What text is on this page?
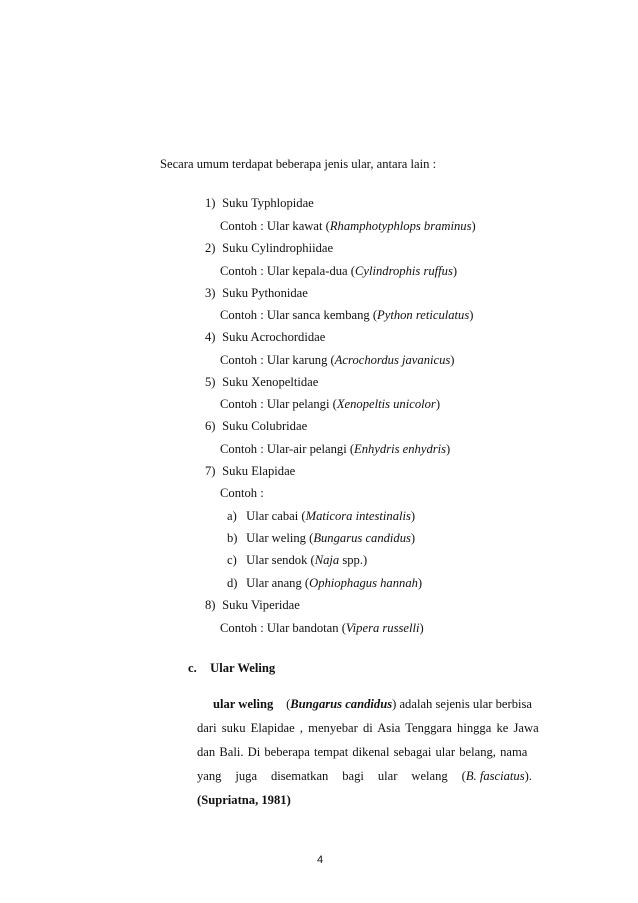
Secara umum terdapat beberapa jenis ular, antara lain :
1) Suku Typhlopidae
Contoh : Ular kawat (Rhamphotyphlops braminus)
2) Suku Cylindrophiidae
Contoh : Ular kepala-dua (Cylindrophis ruffus)
3) Suku Pythonidae
Contoh : Ular sanca kembang (Python reticulatus)
4) Suku Acrochordidae
Contoh : Ular karung (Acrochordus javanicus)
5) Suku Xenopeltidae
Contoh : Ular pelangi (Xenopeltis unicolor)
6) Suku Colubridae
Contoh : Ular-air pelangi (Enhydris enhydris)
7) Suku Elapidae
Contoh :
a) Ular cabai (Maticora intestinalis)
b) Ular weling (Bungarus candidus)
c) Ular sendok (Naja spp.)
d) Ular anang (Ophiophagus hannah)
8) Suku Viperidae
Contoh : Ular bandotan (Vipera russelli)
c. Ular Weling
ular weling (Bungarus candidus) adalah sejenis ular berbisa
dari suku Elapidae , menyebar di Asia Tenggara hingga ke Jawa
dan Bali. Di beberapa tempat dikenal sebagai ular belang, nama
yang juga disematkan bagi ular welang (B. fasciatus).
(Supriatna, 1981)
4
